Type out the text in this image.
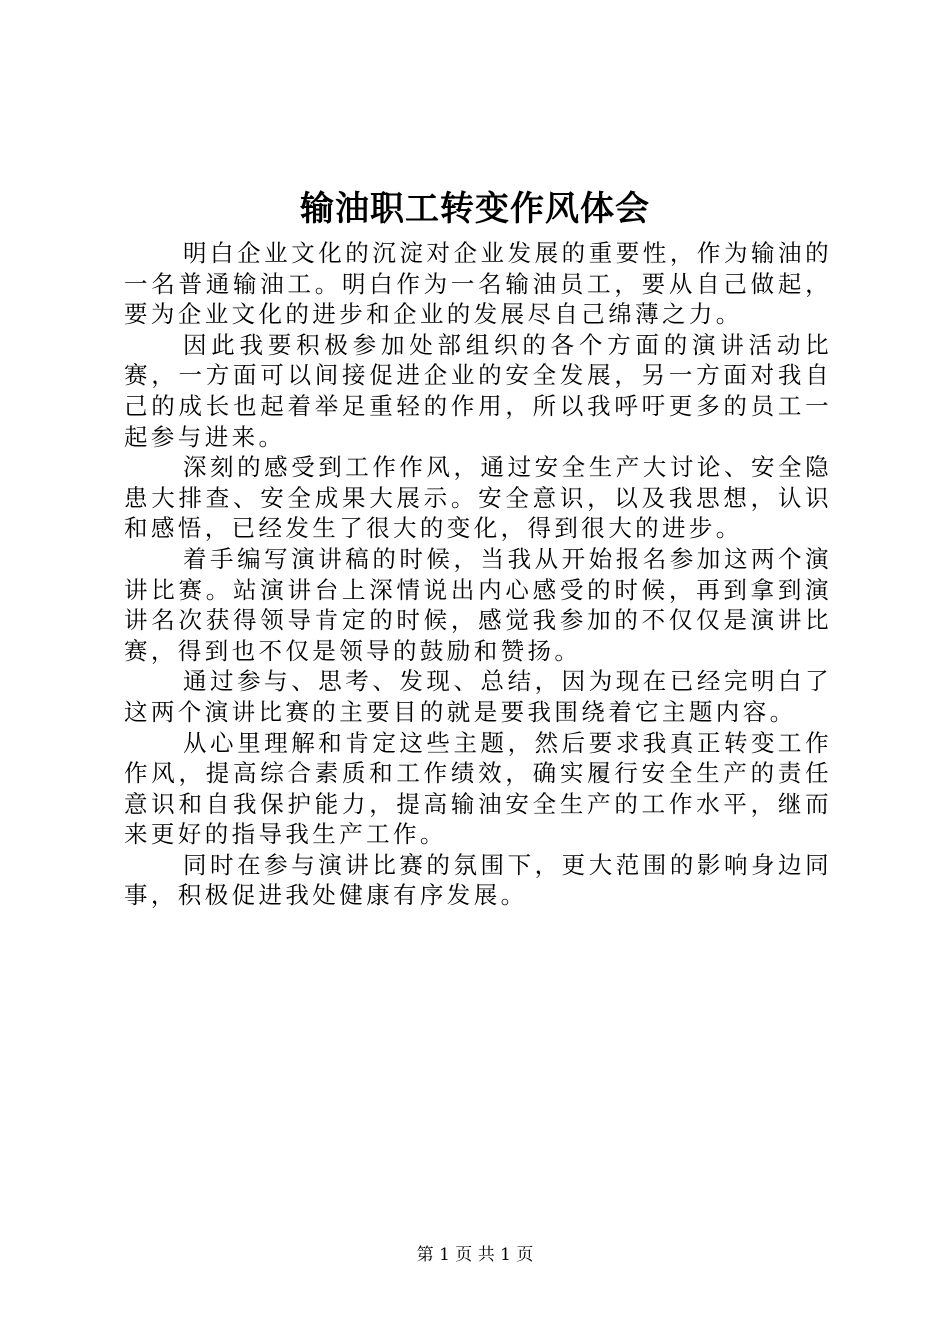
输油职工转变作风体会

明白企业文化的沉淀对企业发展的重要性，作为输油的一名普通输油工。明白作为一名输油员工，要从自己做起，要为企业文化的进步和企业的发展尽自己绵薄之力。

因此我要积极参加处部组织的各个方面的演讲活动比赛，一方面可以间接促进企业的安全发展，另一方面对我自己的成长也起着举足重轻的作用，所以我呼吁更多的员工一起参与进来。

深刻的感受到工作作风，通过安全生产大讨论、安全隐患大排查、安全成果大展示。安全意识，以及我思想，认识和感悟，已经发生了很大的变化，得到很大的进步。

着手编写演讲稿的时候，当我从开始报名参加这两个演讲比赛。站演讲台上深情说出内心感受的时候，再到拿到演讲名次获得领导肯定的时候，感觉我参加的不仅仅是演讲比赛，得到也不仅是领导的鼓励和赞扬。

通过参与、思考、发现、总结，因为现在已经完明白了这两个演讲比赛的主要目的就是要我围绕着它主题内容。

从心里理解和肯定这些主题，然后要求我真正转变工作作风，提高综合素质和工作绩效，确实履行安全生产的责任意识和自我保护能力，提高输油安全生产的工作水平，继而来更好的指导我生产工作。

同时在参与演讲比赛的氛围下，更大范围的影响身边同事，积极促进我处健康有序发展。

第 1 页 共 1 页
